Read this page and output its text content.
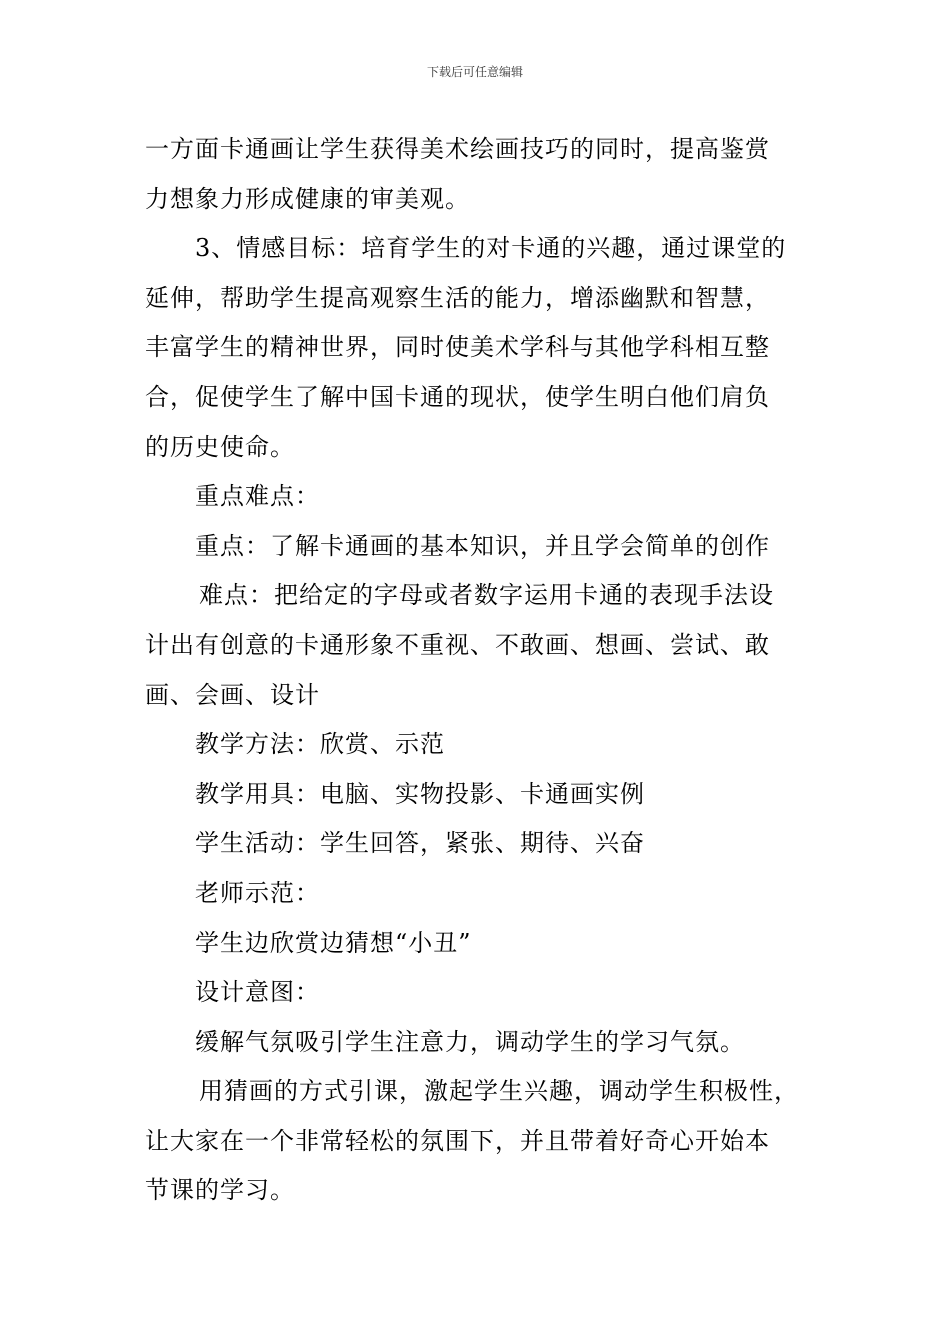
下载后可任意编辑

一方面卡通画让学生获得美术绘画技巧的同时，提高鉴赏

力想象力形成健康的审美观。

3、情感目标：培育学生的对卡通的兴趣，通过课堂的

延伸，帮助学生提高观察生活的能力，增添幽默和智慧，

丰富学生的精神世界，同时使美术学科与其他学科相互整

合，促使学生了解中国卡通的现状，使学生明白他们肩负

的历史使命。

重点难点：

重点：了解卡通画的基本知识，并且学会简单的创作

难点：把给定的字母或者数字运用卡通的表现手法设

计出有创意的卡通形象不重视、不敢画、想画、尝试、敢

画、会画、设计

教学方法：欣赏、示范

教学用具：电脑、实物投影、卡通画实例

学生活动：学生回答，紧张、期待、兴奋

老师示范：

学生边欣赏边猜想“小丑”

设计意图：

缓解气氛吸引学生注意力，调动学生的学习气氛。

用猜画的方式引课，激起学生兴趣，调动学生积极性，

让大家在一个非常轻松的氛围下，并且带着好奇心开始本

节课的学习。
